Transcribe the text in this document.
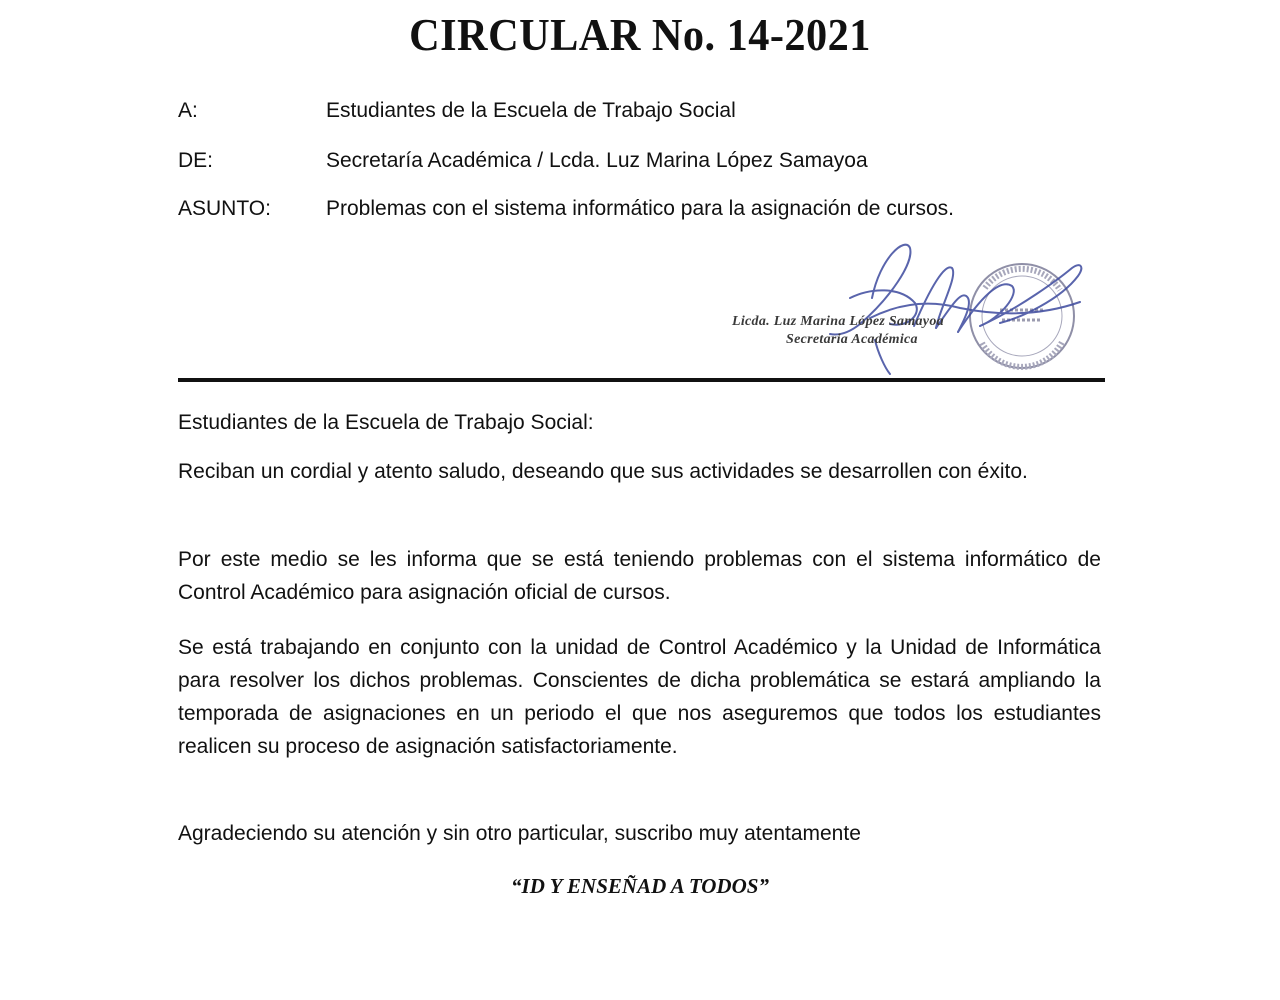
CIRCULAR No. 14-2021
A:	Estudiantes de la Escuela de Trabajo Social
DE:	Secretaría Académica / Lcda. Luz Marina López Samayoa
ASUNTO:	Problemas con el sistema informático para la asignación de cursos.
Licda. Luz Marina López Samayoa
Secretaria Académica
Estudiantes de la Escuela de Trabajo Social:
Reciban un cordial y atento saludo, deseando que sus actividades se desarrollen con éxito.
Por este medio se les informa que se está teniendo problemas con el sistema informático de Control Académico para asignación oficial de cursos.
Se está trabajando en conjunto con la unidad de Control Académico y la Unidad de Informática para resolver los dichos problemas. Conscientes de dicha problemática se estará ampliando la temporada de asignaciones en un periodo el que nos aseguremos que todos los estudiantes realicen su proceso de asignación satisfactoriamente.
Agradeciendo su atención y sin otro particular, suscribo muy atentamente
“ID Y ENSEÑAD A TODOS”
